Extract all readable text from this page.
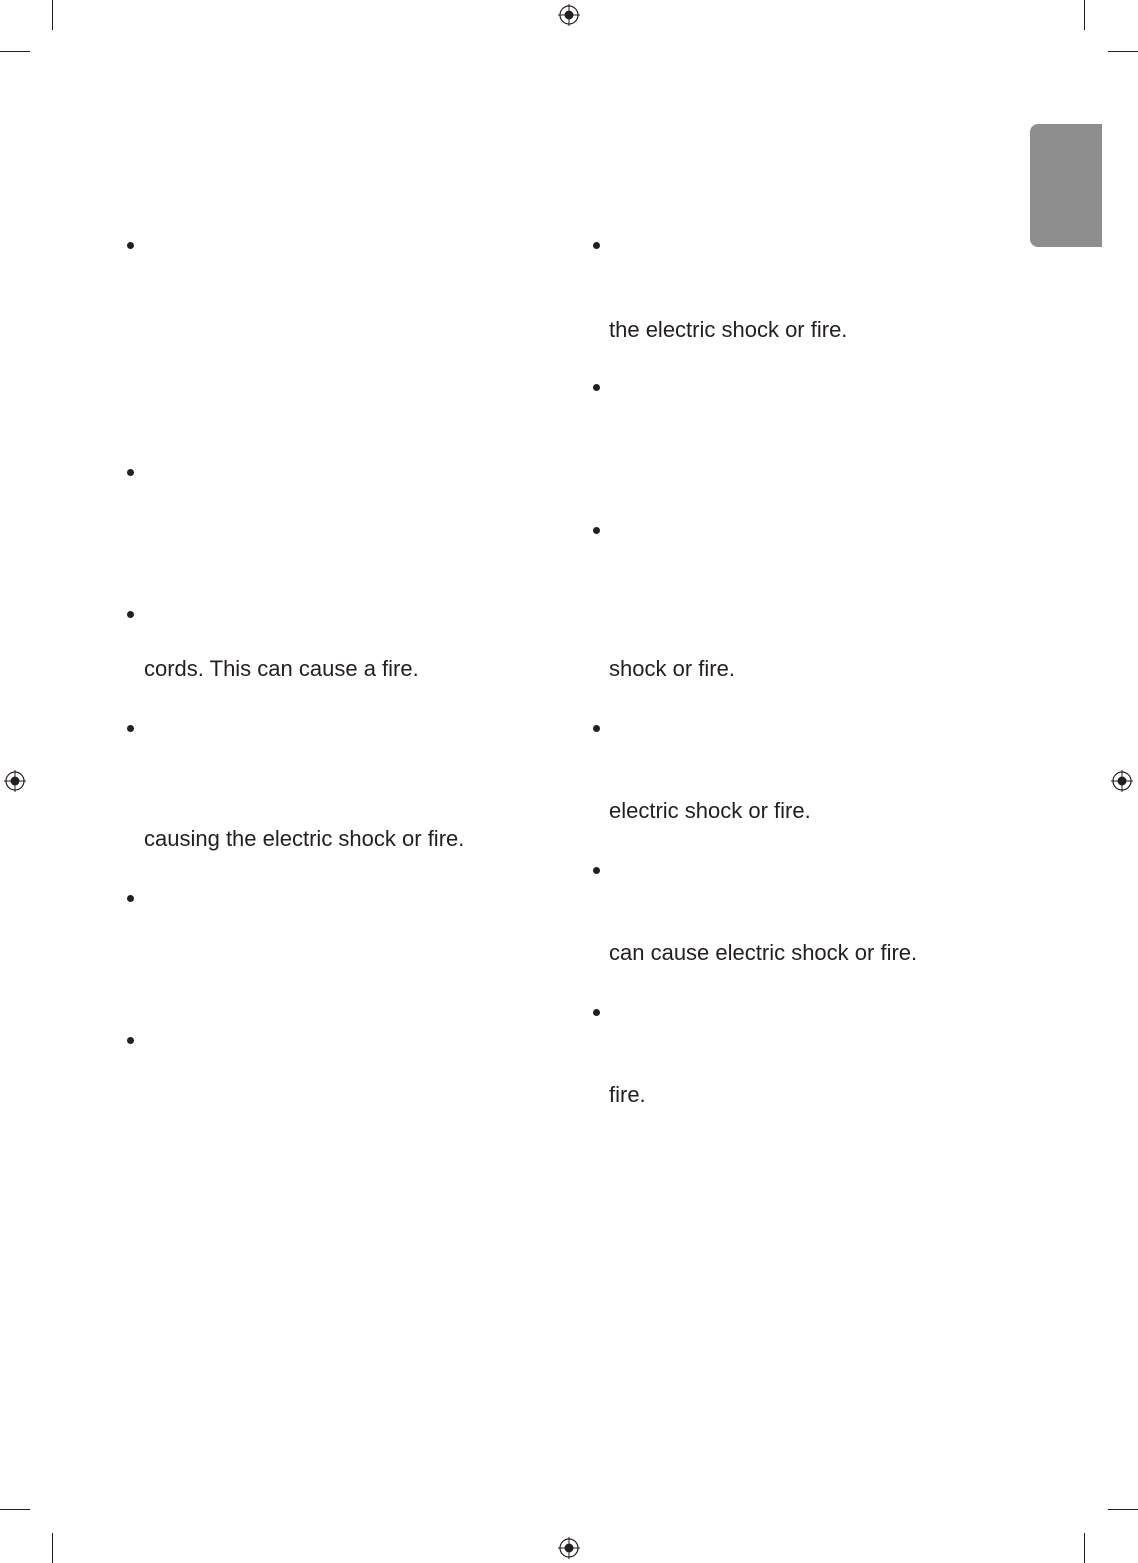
cords. This can cause a fire.

causing the electric shock or fire.

the electric shock or fire.

shock or fire.

electric shock or fire.

can cause electric shock or fire.

fire.
